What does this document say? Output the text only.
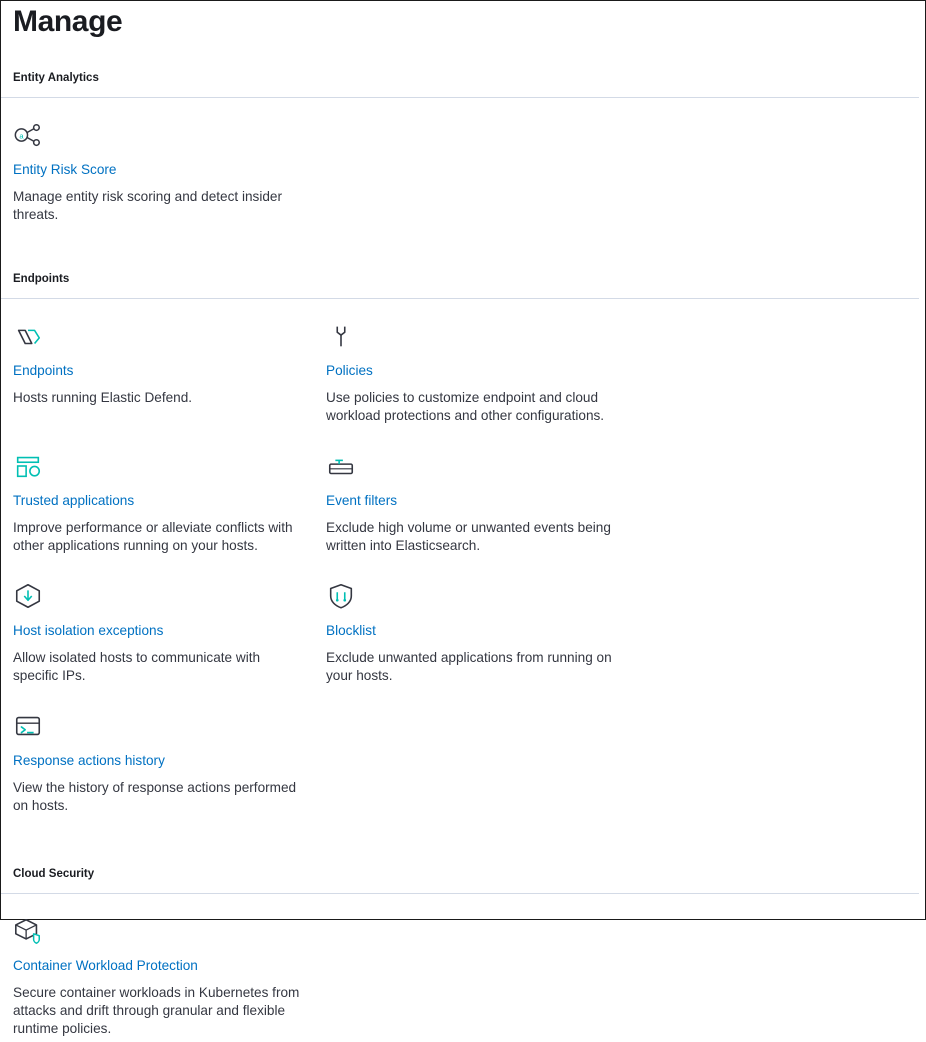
Manage
Entity Analytics
a
Entity Risk Score
Manage entity risk scoring and detect insider threats.
Endpoints
Endpoints
Hosts running Elastic Defend.
Policies
Use policies to customize endpoint and cloud workload protections and other configurations.
Trusted applications
Improve performance or alleviate conflicts with other applications running on your hosts.
Event filters
Exclude high volume or unwanted events being written into Elasticsearch.
Host isolation exceptions
Allow isolated hosts to communicate with specific IPs.
Blocklist
Exclude unwanted applications from running on your hosts.
Response actions history
View the history of response actions performed on hosts.
Cloud Security
Container Workload Protection
Secure container workloads in Kubernetes from attacks and drift through granular and flexible runtime policies.
